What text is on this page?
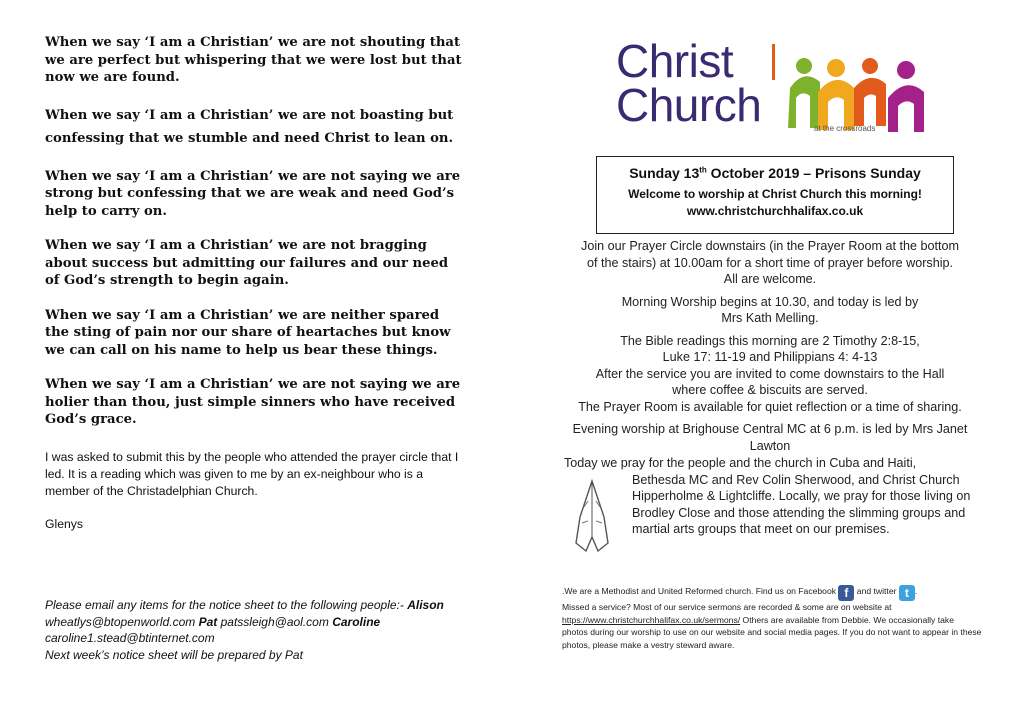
When we say ‘I am a Christian’ we are not shouting that we are perfect but whispering that we were lost but that now we are found.

When we say ‘I am a Christian’ we are not boasting but confessing that we stumble and need Christ to lean on.

When we say ‘I am a Christian’ we are not saying we are strong but confessing that we are weak and need God’s help to carry on.

When we say ‘I am a Christian’ we are not bragging about success but admitting our failures and our need of God’s strength to begin again.

When we say ‘I am a Christian’ we are neither spared the sting of pain nor our share of heartaches but know we can call on his name to help us bear these things.

When we say ‘I am a Christian’ we are not saying we are holier than thou, just simple sinners who have received God’s grace.

I was asked to submit this by the people who attended the prayer circle that I led. It is a reading which was given to me by an ex-neighbour who is a member of the Christadelphian Church.

Glenys

Please email any items for the notice sheet to the following people:- Alison wheatlys@btopenworld.com Pat patssleigh@aol.com Caroline
caroline1.stead@btinternet.com
Next week’s notice sheet will be prepared by Pat
Christ
Church	at the crossroads
Sunday 13th October 2019 – Prisons Sunday
Welcome to worship at Christ Church this morning!
www.christchurchhalifax.co.uk
Join our Prayer Circle downstairs (in the Prayer Room at the bottom
of the stairs) at 10.00am for a short time of prayer before worship.
All are welcome.
Morning Worship begins at 10.30, and today is led by
Mrs Kath Melling.
The Bible readings this morning are 2 Timothy 2:8-15,
Luke 17: 11-19 and Philippians 4: 4-13
After the service you are invited to come downstairs to the Hall
where coffee & biscuits are served.
The Prayer Room is available for quiet reflection or a time of sharing.
Evening worship at Brighouse Central MC at 6 p.m. is led by Mrs Janet
Lawton
Today we pray for the people and the church in Cuba and Haiti,
Bethesda MC and Rev Colin Sherwood, and Christ Church Hipperholme & Lightcliffe. Locally, we pray for those living on Brodley Close and those attending the slimming groups and martial arts groups that meet on our premises.
.We are a Methodist and United Reformed church. Find us on Facebook f and twitter t .
Missed a service? Most of our service sermons are recorded & some are on website at
https://www.christchurchhalifax.co.uk/sermons/ Others are available from Debbie. We occasionally take photos during our worship to use on our website and social media pages. If you do not want to appear in these photos, please make a vestry steward aware.
